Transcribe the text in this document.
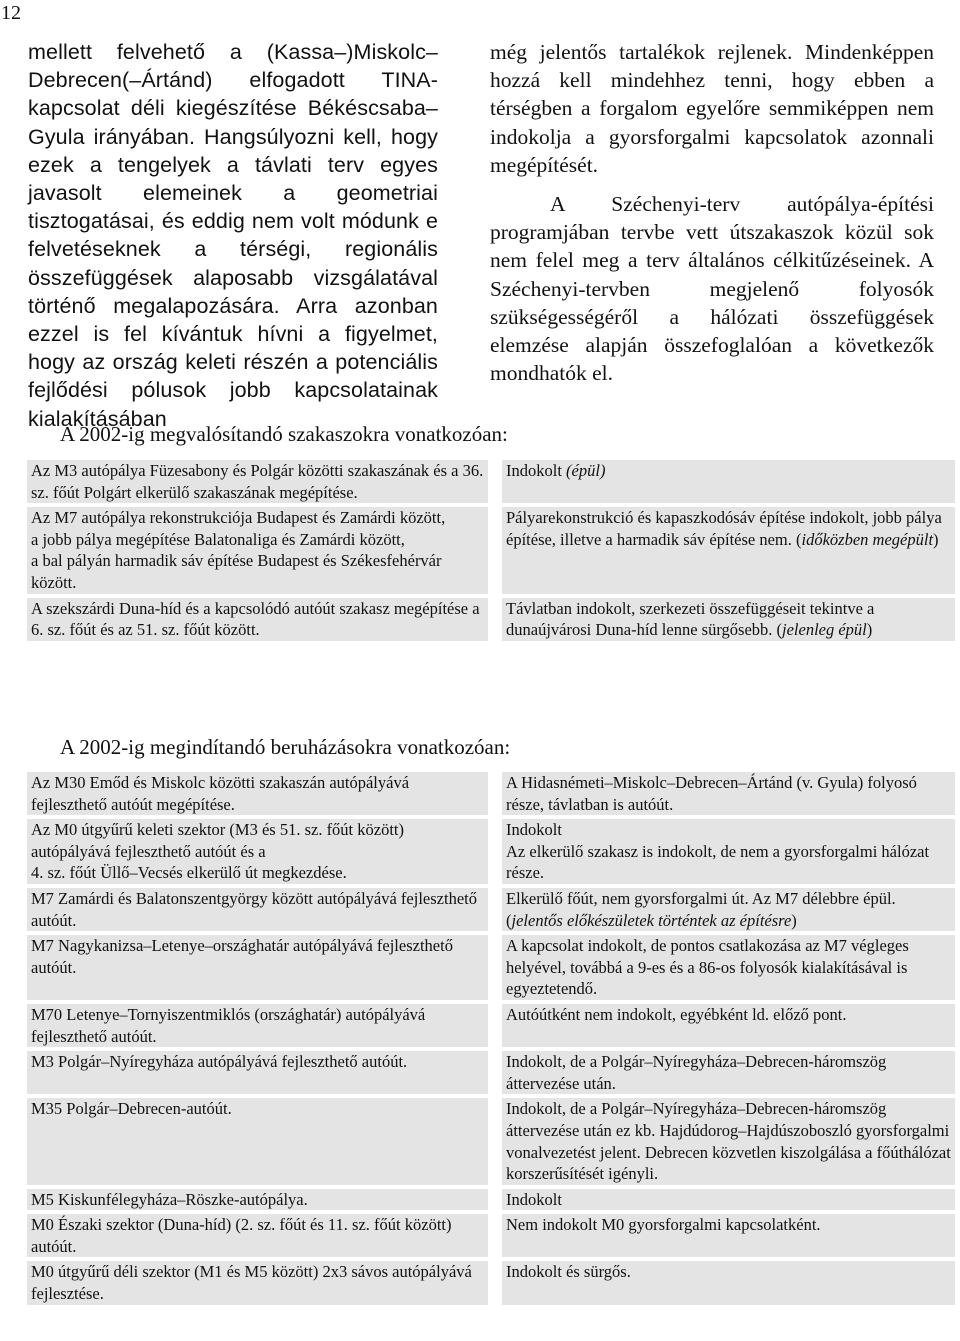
12

mellett felvehető a (Kassa–)Miskolc–Debrecen(–Ártánd) elfogadott TINA-kapcsolat déli kiegészítése Békéscsaba–Gyula irányában. Hangsúlyozni kell, hogy ezek a tengelyek a távlati terv egyes javasolt elemeinek a geometriai tisztogatásai, és eddig nem volt módunk e felvetéseknek a térségi, regionális összefüggések alaposabb vizsgálatával történő megalapozására. Arra azonban ezzel is fel kívántuk hívni a figyelmet, hogy az ország keleti részén a potenciális fejlődési pólusok jobb kapcsolatainak kialakításában

még jelentős tartalékok rejlenek. Mindenképpen hozzá kell mindehhez tenni, hogy ebben a térségben a forgalom egyelőre semmiképpen nem indokolja a gyorsforgalmi kapcsolatok azonnali megépítését.

A Széchenyi-terv autópálya-építési programjában tervbe vett útszakaszok közül sok nem felel meg a terv általános célkitűzéseinek. A Széchenyi-tervben megjelenő folyosók szükségességéről a hálózati összefüggések elemzése alapján összefoglalóan a következők mondhatók el.

A 2002-ig megvalósítandó szakaszokra vonatkozóan:
Az M3 autópálya Füzesabony és Polgár közötti szakaszának és a 36. sz. főút Polgárt elkerülő szakaszának megépítése.		Indokolt (épül)
Az M7 autópálya rekonstrukciója Budapest és Zamárdi között,
a jobb pálya megépítése Balatonaliga és Zamárdi között,
a bal pályán harmadik sáv építése Budapest és Székesfehérvár között.		Pályarekonstrukció és kapaszkodósáv építése indokolt, jobb pálya építése, illetve a harmadik sáv építése nem. (időközben megépült)
A szekszárdi Duna-híd és a kapcsolódó autóút szakasz megépítése a 6. sz. főút és az 51. sz. főút között.		Távlatban indokolt, szerkezeti összefüggéseit tekintve a dunaújvárosi Duna-híd lenne sürgősebb. (jelenleg épül)
A 2002-ig megindítandó beruházásokra vonatkozóan:
Az M30 Emőd és Miskolc közötti szakaszán autópályává fejleszthető autóút megépítése.		A Hidasnémeti–Miskolc–Debrecen–Ártánd (v. Gyula) folyosó része, távlatban is autóút.
Az M0 útgyűrű keleti szektor (M3 és 51. sz. főút között) autópályává fejleszthető autóút és a
4. sz. főút Üllő–Vecsés elkerülő út megkezdése.		Indokolt
Az elkerülő szakasz is indokolt, de nem a gyorsforgalmi hálózat része.
M7 Zamárdi és Balatonszentgyörgy között autópályává fejleszthető autóút.		Elkerülő főút, nem gyorsforgalmi út. Az M7 délebbre épül. (jelentős előkészületek történtek az építésre)
M7 Nagykanizsa–Letenye–országhatár autópályává fejleszthető autóút.		A kapcsolat indokolt, de pontos csatlakozása az M7 végleges helyével, továbbá a 9-es és a 86-os folyosók kialakításával is egyeztetendő.
M70 Letenye–Tornyiszentmiklós (országhatár) autópályává fejleszthető autóút.		Autóútként nem indokolt, egyébként ld. előző pont.
M3 Polgár–Nyíregyháza autópályává fejleszthető autóút.		Indokolt, de a Polgár–Nyíregyháza–Debrecen-háromszög áttervezése után.
M35 Polgár–Debrecen-autóút.		Indokolt, de a Polgár–Nyíregyháza–Debrecen-háromszög áttervezése után ez kb. Hajdúdorog–Hajdúszoboszló gyorsforgalmi vonalvezetést jelent. Debrecen közvetlen kiszolgálása a főúthálózat korszerűsítését igényli.
M5 Kiskunfélegyháza–Röszke-autópálya.		Indokolt
M0 Északi szektor (Duna-híd) (2. sz. főút és 11. sz. főút között) autóút.		Nem indokolt M0 gyorsforgalmi kapcsolatként.
M0 útgyűrű déli szektor (M1 és M5 között) 2x3 sávos autópályává fejlesztése.		Indokolt és sürgős.
